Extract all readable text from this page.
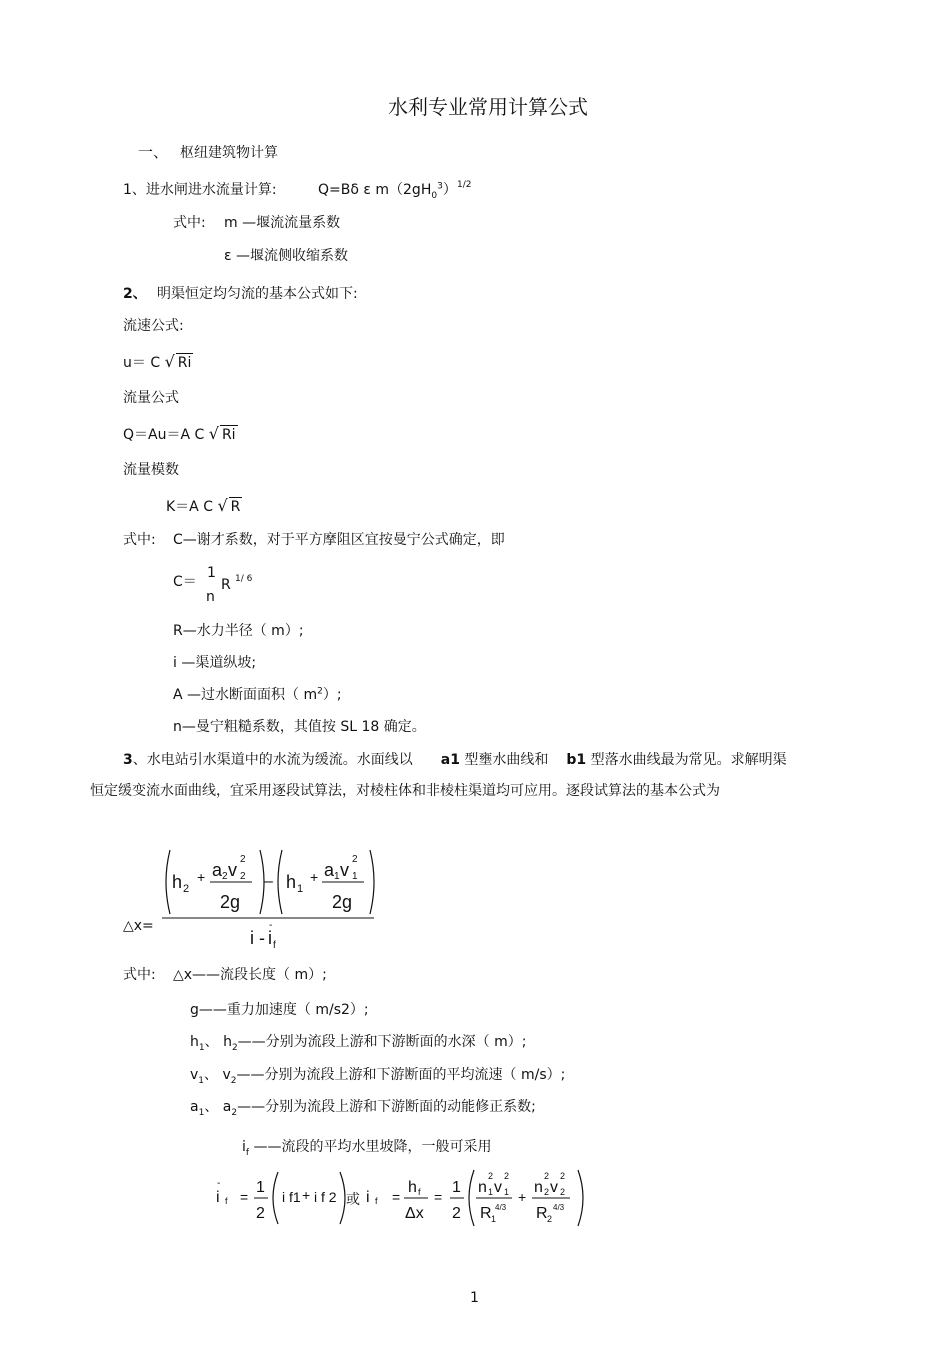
水利专业常用计算公式
一、 枢纽建筑物计算
1、进水闸进水流量计算:	Q=Bδ ε $m(2gH_0^3)$ 1/2
式中: m —堰流流量系数
ε —堰流侧收缩系数
2、 明渠恒定均匀流的基本公式如下:
流速公式:
u＝ C √ Ri
流量公式
Q＝Au＝A C √ Ri
流量模数
K＝A C √ R
式中: C—谢才系数，对于平方摩阻区宜按曼宁公式确定，即
C＝
1
n
R 1/ 6
R—水力半径（ m）;
i —渠道纵坡;
A —过水断面面积（ $m^2$）;
n—曼宁粗糙系数，其值按 SL 18 确定。
3、水电站引水渠道中的水流为缓流。水面线以 a1 型壅水曲线和 b1 型落水曲线最为常见。求解明渠
恒定缓变流水面曲线，宜采用逐段试算法，对棱柱体和非棱柱渠道均可应用。逐段试算法的基本公式为
△x=
h 2
+ a 2 v 2
2
2g
– h 1
+ a 1 v 1
2
2g
i -
-
i f
式中: △x——流段长度（ m）;
g——重力加速度（ m/s2）;
$h_1$、 $h_2——$分别为流段上游和下游断面的水深（ m）;
$v_1$、 $v_2——$分别为流段上游和下游断面的平均流速（ m/s）;
$a_1$、 $a_2——$分别为流段上游和下游断面的动能修正系数;
$i_f$ ——流段的平均水里坡降，一般可采用
i
-
f =
1
2
i f1 + i f 2 或 i f =
h f
Δx
=
1
2
n 1 v 1
2
2
R 1
4/3
+
n 2
2
v 2
2
R 2
4/3
1
